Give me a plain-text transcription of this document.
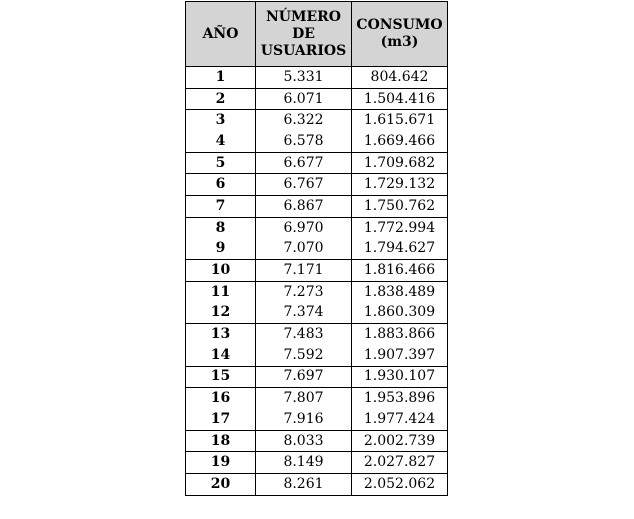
AÑO	NÚMERO DE USUARIOS	CONSUMO (m3)

1	5.331	804.642
2	6.071	1.504.416
3	6.322	1.615.671
4	6.578	1.669.466
5	6.677	1.709.682
6	6.767	1.729.132
7	6.867	1.750.762
8	6.970	1.772.994
9	7.070	1.794.627
10	7.171	1.816.466
11	7.273	1.838.489
12	7.374	1.860.309
13	7.483	1.883.866
14	7.592	1.907.397
15	7.697	1.930.107
16	7.807	1.953.896
17	7.916	1.977.424
18	8.033	2.002.739
19	8.149	2.027.827
20	8.261	2.052.062
